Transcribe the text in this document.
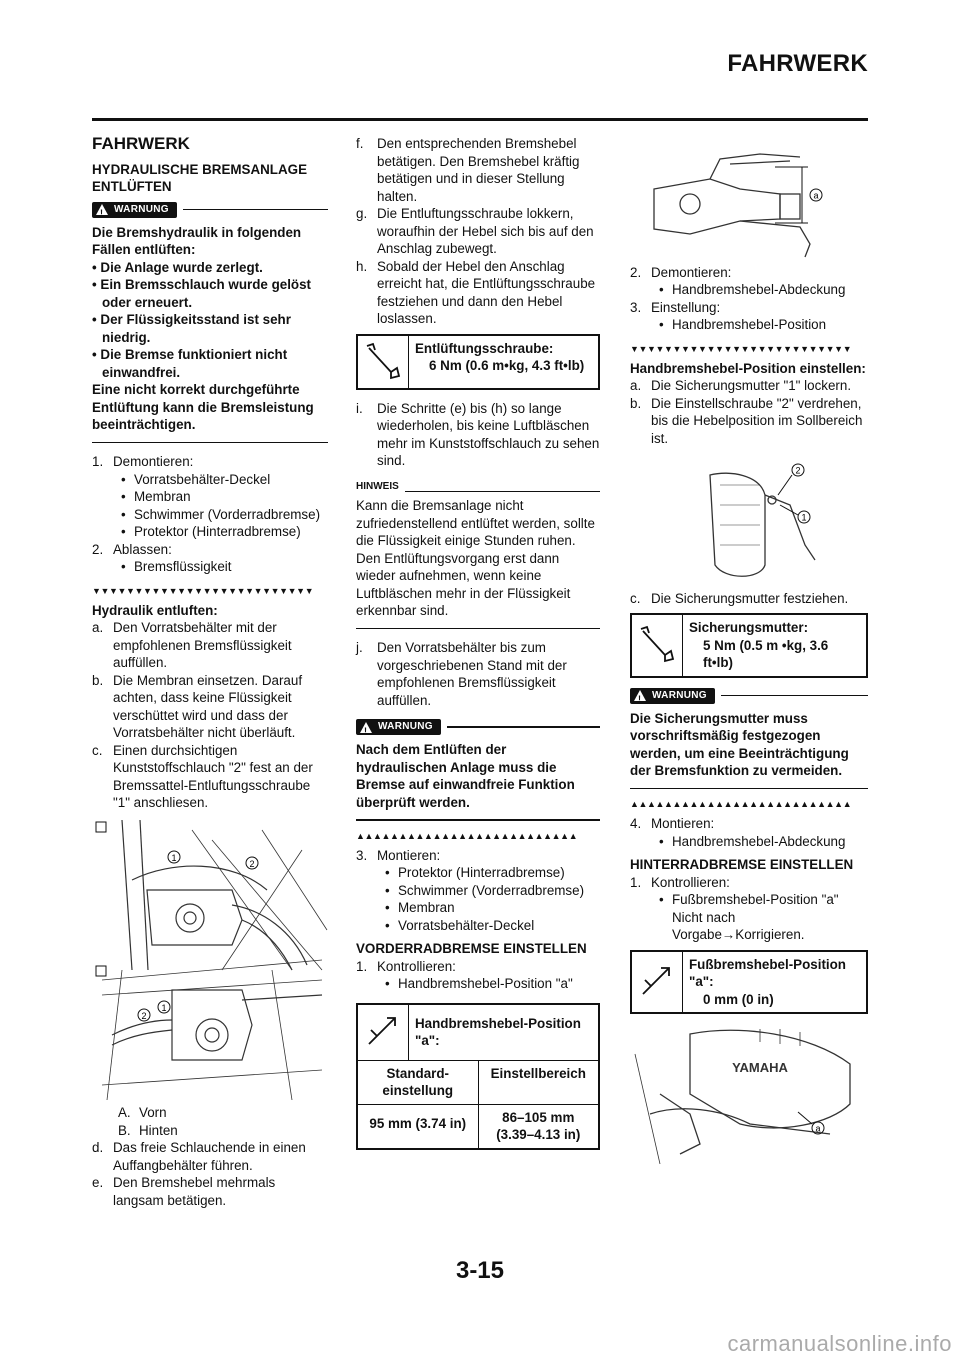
FAHRWERK

FAHRWERK

HYDRAULISCHE BREMSANLAGE ENTLÜFTEN

!
WARNUNG

Die Bremshydraulik in folgenden Fällen entlüften:

• Die Anlage wurde zerlegt.

• Ein Bremsschlauch wurde gelöst oder erneuert.

• Der Flüssigkeitsstand ist sehr niedrig.

• Die Bremse funktioniert nicht einwandfrei.

Eine nicht korrekt durchgeführte Entlüftung kann die Bremsleistung beeinträchtigen.

1. Demontieren:
• Vorratsbehälter-Deckel
• Membran
• Schwimmer (Vorderradbremse)
• Protektor (Hinterradbremse)
2. Ablassen:
• Bremsflüssigkeit
▼▼▼▼▼▼▼▼▼▼▼▼▼▼▼▼▼▼▼▼▼▼▼▼▼▼

Hydraulik entluften:

a. Den Vorratsbehälter mit der empfohlenen Bremsflüssigkeit auffüllen.
b. Die Membran einsetzen. Darauf achten, dass keine Flüssigkeit verschüttet wird und dass der Vorratsbehälter nicht überläuft.
c. Einen durchsichtigen Kunststoffschlauch "2" fest an der Bremssattel-Entluftungsschraube "1" anschliesen.
1
2
2
1
A. Vorn
B. Hinten
d. Das freie Schlauchende in einen Auffangbehälter führen.
e. Den Bremshebel mehrmals langsam betätigen.
f.	Den entsprechenden Bremshebel betätigen. Den Bremshebel kräftig betätigen und in dieser Stellung halten.
g. Die Entluftungsschraube lokkern, woraufhin der Hebel sich bis auf den Anschlag zubewegt.
h. Sobald der Hebel den Anschlag erreicht hat, die Entlüftungsschraube festziehen und dann den Hebel loslassen.

Entlüftungsschraube:

6 Nm (0.6 m•kg, 4.3 ft•lb)

i.	Die Schritte (e) bis (h) so lange wiederholen, bis keine Luftbläschen mehr im Kunststoffschlauch zu sehen sind.
HINWEIS

Kann die Bremsanlage nicht zufriedenstellend entlüftet werden, sollte die Flüssigkeit einige Stunden ruhen. Den Entlüftungsvorgang erst dann wieder aufnehmen, wenn keine Luftbläschen mehr in der Flüssigkeit erkennbar sind.

j.	Den Vorratsbehälter bis zum vorgeschriebenen Stand mit der empfohlenen Bremsflüssigkeit auffüllen.
!
WARNUNG

Nach dem Entlüften der hydraulischen Anlage muss die Bremse auf einwandfreie Funktion überprüft werden.

▲▲▲▲▲▲▲▲▲▲▲▲▲▲▲▲▲▲▲▲▲▲▲▲▲▲
3. Montieren:
• Protektor (Hinterradbremse)
• Schwimmer (Vorderradbremse)
• Membran
• Vorratsbehälter-Deckel

VORDERRADBREMSE EINSTELLEN

1. Kontrollieren:
• Handbremshebel-Position "a"
Handbremshebel-Position "a":
Standard-einstellung
Einstellbereich
95 mm (3.74 in)	86–105 mm (3.39–4.13 in)
a
2. Demontieren:
• Handbremshebel-Abdeckung
3. Einstellung:
• Handbremshebel-Position
▼▼▼▼▼▼▼▼▼▼▼▼▼▼▼▼▼▼▼▼▼▼▼▼▼▼

Handbremshebel-Position einstellen:

a. Die Sicherungsmutter "1" lockern.
b. Die Einstellschraube "2" verdrehen, bis die Hebelposition im Sollbereich ist.
2
1
c. Die Sicherungsmutter festziehen.

Sicherungsmutter:

5 Nm (0.5 m •kg, 3.6 ft•lb)

!
WARNUNG

Die Sicherungsmutter muss vorschriftsmäßig festgezogen werden, um eine Beeinträchtigung der Bremsfunktion zu vermeiden.

▲▲▲▲▲▲▲▲▲▲▲▲▲▲▲▲▲▲▲▲▲▲▲▲▲▲
4. Montieren:
• Handbremshebel-Abdeckung

HINTERRADBREMSE EINSTELLEN

1. Kontrollieren:
• Fußbremshebel-Position "a"
Nicht nach Vorgabe→Korrigieren.

Fußbremshebel-Position "a":

0 mm (0 in)

YAMAHA
a
3-15
carmanualsonline.info
